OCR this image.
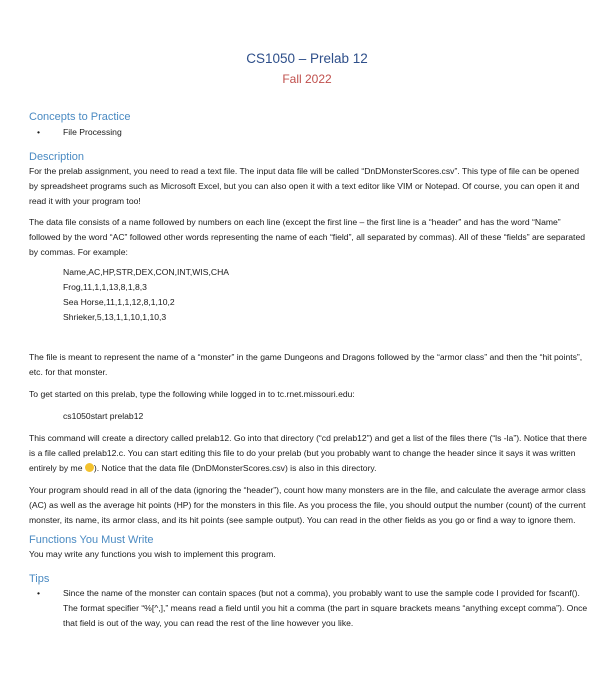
CS1050 – Prelab 12
Fall 2022
Concepts to Practice
•	File Processing
Description

For the prelab assignment, you need to read a text file. The input data file will be called “DnDMonsterScores.csv”. This type of file can be opened by spreadsheet programs such as Microsoft Excel, but you can also open it with a text editor like VIM or Notepad. Of course, you can open it and read it with your program too!

The data file consists of a name followed by numbers on each line (except the first line – the first line is a “header” and has the word “Name” followed by the word “AC” followed other words representing the name of each “field”, all separated by commas). All of these “fields” are separated by commas. For example:

Name,AC,HP,STR,DEX,CON,INT,WIS,CHA
Frog,11,1,1,13,8,1,8,3
Sea Horse,11,1,1,12,8,1,10,2
Shrieker,5,13,1,1,10,1,10,3

The file is meant to represent the name of a “monster” in the game Dungeons and Dragons followed by the “armor class” and then the “hit points”, etc. for that monster.

To get started on this prelab, type the following while logged in to tc.rnet.missouri.edu:

cs1050start prelab12

This command will create a directory called prelab12. Go into that directory (“cd prelab12”) and get a list of the files there (“ls -la”). Notice that there is a file called prelab12.c. You can start editing this file to do your prelab (but you probably want to change the header since it says it was written entirely by me ). Notice that the data file (DnDMonsterScores.csv) is also in this directory.

Your program should read in all of the data (ignoring the “header”), count how many monsters are in the file, and calculate the average armor class (AC) as well as the average hit points (HP) for the monsters in this file. As you process the file, you should output the number (count) of the current monster, its name, its armor class, and its hit points (see sample output). You can read in the other fields as you go or find a way to ignore them.

Functions You Must Write

You may write any functions you wish to implement this program.

Tips
•	Since the name of the monster can contain spaces (but not a comma), you probably want to use the sample code I provided for fscanf(). The format specifier “%[^,],” means read a field until you hit a comma (the part in square brackets means “anything except comma”). Once that field is out of the way, you can read the rest of the line however you like.
